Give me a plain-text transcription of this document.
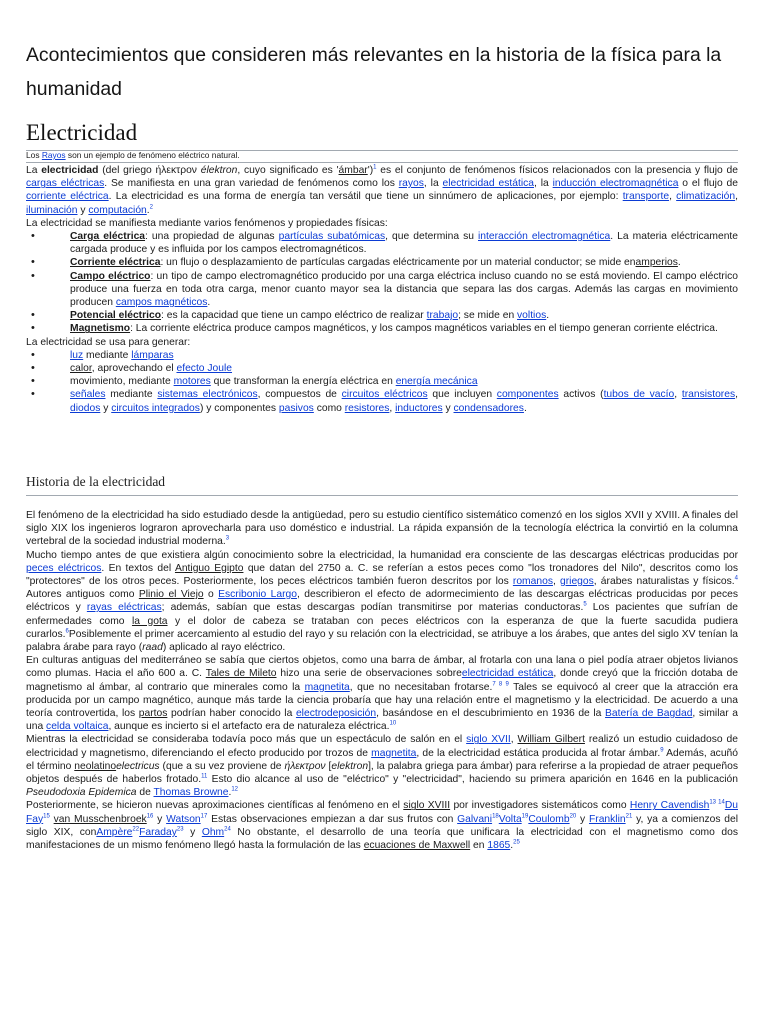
Acontecimientos que consideren más relevantes en la historia de la física para la humanidad
Electricidad

Los Rayos son un ejemplo de fenómeno eléctrico natural.

La electricidad (del griego ήλεκτρον élektron, cuyo significado es 'ámbar')$^1$ es el conjunto de fenómenos físicos relacionados con la presencia y flujo de cargas eléctricas. Se manifiesta en una gran variedad de fenómenos como los rayos, la electricidad estática, la inducción electromagnética o el flujo de corriente eléctrica. La electricidad es una forma de energía tan versátil que tiene un sinnúmero de aplicaciones, por ejemplo: transporte, climatización, iluminación y computación.$^2$

La electricidad se manifiesta mediante varios fenómenos y propiedades físicas:

• Carga eléctrica: una propiedad de algunas partículas subatómicas, que determina su interacción electromagnética. La materia eléctricamente cargada produce y es influida por los campos electromagnéticos.
• Corriente eléctrica: un flujo o desplazamiento de partículas cargadas eléctricamente por un material conductor; se mide enamperios.
• Campo eléctrico: un tipo de campo electromagnético producido por una carga eléctrica incluso cuando no se está moviendo. El campo eléctrico produce una fuerza en toda otra carga, menor cuanto mayor sea la distancia que separa las dos cargas. Además las cargas en movimiento producen campos magnéticos.
• Potencial eléctrico: es la capacidad que tiene un campo eléctrico de realizar trabajo; se mide en voltios.
• Magnetismo: La corriente eléctrica produce campos magnéticos, y los campos magnéticos variables en el tiempo generan corriente eléctrica.

La electricidad se usa para generar:

• luz mediante lámparas
• calor, aprovechando el efecto Joule
• movimiento, mediante motores que transforman la energía eléctrica en energía mecánica
• señales mediante sistemas electrónicos, compuestos de circuitos eléctricos que incluyen componentes activos (tubos de vacío, transistores, diodos y circuitos integrados) y componentes pasivos como resistores, inductores y condensadores.
Historia de la electricidad

El fenómeno de la electricidad ha sido estudiado desde la antigüedad, pero su estudio científico sistemático comenzó en los siglos XVII y XVIII. A finales del siglo XIX los ingenieros lograron aprovecharla para uso doméstico e industrial. La rápida expansión de la tecnología eléctrica la convirtió en la columna vertebral de la sociedad industrial moderna.$^3$

Mucho tiempo antes de que existiera algún conocimiento sobre la electricidad, la humanidad era consciente de las descargas eléctricas producidas por peces eléctricos. En textos del Antiguo Egipto que datan del 2750 a. C. se referían a estos peces como "los tronadores del Nilo", descritos como los "protectores" de los otros peces. Posteriormente, los peces eléctricos también fueron descritos por los romanos, griegos, árabes naturalistas y físicos.$^4$ Autores antiguos como Plinio el Viejo o Escribonio Largo, describieron el efecto de adormecimiento de las descargas eléctricas producidas por peces eléctricos y rayas eléctricas; además, sabían que estas descargas podían transmitirse por materias conductoras.$^5$ Los pacientes que sufrían de enfermedades como la gota y el dolor de cabeza se trataban con peces eléctricos con la esperanza de que la fuerte sacudida pudiera curarlos.$^6$Posiblemente el primer acercamiento al estudio del rayo y su relación con la electricidad, se atribuye a los árabes, que antes del siglo XV tenían la palabra árabe para rayo (raad) aplicado al rayo eléctrico.

En culturas antiguas del mediterráneo se sabía que ciertos objetos, como una barra de ámbar, al frotarla con una lana o piel podía atraer objetos livianos como plumas. Hacia el año 600 a. C. Tales de Mileto hizo una serie de observaciones sobreelectricidad estática, donde creyó que la fricción dotaba de magnetismo al ámbar, al contrario que minerales como la magnetita, que no necesitaban frotarse.$^{7 8 9}$ Tales se equivocó al creer que la atracción era producida por un campo magnético, aunque más tarde la ciencia probaría que hay una relación entre el magnetismo y la electricidad. De acuerdo a una teoría controvertida, los partos podrían haber conocido la electrodeposición, basándose en el descubrimiento en 1936 de la Batería de Bagdad, similar a una celda voltaica, aunque es incierto si el artefacto era de naturaleza eléctrica.$^{10}$

Mientras la electricidad se consideraba todavía poco más que un espectáculo de salón en el siglo XVII, William Gilbert realizó un estudio cuidadoso de electricidad y magnetismo, diferenciando el efecto producido por trozos de magnetita, de la electricidad estática producida al frotar ámbar.$^9$ Además, acuñó el término neolatinoelectricus (que a su vez proviene de ήλεκτρον [elektron], la palabra griega para ámbar) para referirse a la propiedad de atraer pequeños objetos después de haberlos frotado.$^{11}$ Esto dio alcance al uso de "eléctrico" y "electricidad", haciendo su primera aparición en 1646 en la publicación Pseudodoxia Epidemica de Thomas Browne.$^{12}$

Posteriormente, se hicieron nuevas aproximaciones científicas al fenómeno en el siglo XVIII por investigadores sistemáticos como Henry Cavendish$^{13 14}$Du Fay$^{15}$ van Musschenbroek$^{16}$ y Watson$^{17}$ Estas observaciones empiezan a dar sus frutos con Galvani$^{18}$Volta$^{19}$Coulomb$^{20}$ y Franklin$^{21}$ y, ya a comienzos del siglo XIX, conAmpère$^{22}$Faraday$^{23}$ y Ohm$^{24}$ No obstante, el desarrollo de una teoría que unificara la electricidad con el magnetismo como dos manifestaciones de un mismo fenómeno llegó hasta la formulación de las ecuaciones de Maxwell en 1865.25
